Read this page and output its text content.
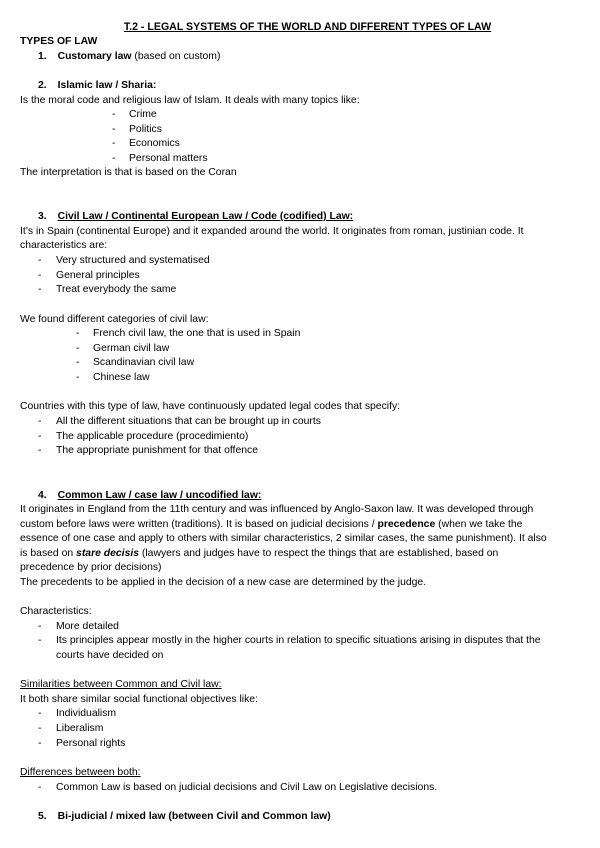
T.2 - LEGAL SYSTEMS OF THE WORLD AND DIFFERENT TYPES OF LAW
TYPES OF LAW
1. Customary law (based on custom)
2. Islamic law / Sharia:
Is the moral code and religious law of Islam. It deals with many topics like:
- Crime
- Politics
- Economics
- Personal matters
The interpretation is that is based on the Coran
3. Civil Law / Continental European Law / Code (codified) Law:
It’s in Spain (continental Europe) and it expanded around the world. It originates from roman, justinian code. It
characteristics are:
- Very structured and systematised
- General principles
- Treat everybody the same
We found different categories of civil law:
- French civil law, the one that is used in Spain
- German civil law
- Scandinavian civil law
- Chinese law
Countries with this type of law, have continuously updated legal codes that specify:
- All the different situations that can be brought up in courts
- The applicable procedure (procedimiento)
- The appropriate punishment for that offence
4. Common Law / case law / uncodified law:
It originates in England from the 11th century and was influenced by Anglo-Saxon law. It was developed through
custom before laws were written (traditions). It is based on judicial decisions / precedence (when we take the
essence of one case and apply to others with similar characteristics, 2 similar cases, the same punishment). It also
is based on stare decisis (lawyers and judges have to respect the things that are established, based on
precedence by prior decisions)
The precedents to be applied in the decision of a new case are determined by the judge.
Characteristics:
- More detailed
- Its principles appear mostly in the higher courts in relation to specific situations arising in disputes that the
courts have decided on
Similarities between Common and Civil law:
It both share similar social functional objectives like:
- Individualism
- Liberalism
- Personal rights
Differences between both:
- Common Law is based on judicial decisions and Civil Law on Legislative decisions.
5. Bi-judicial / mixed law (between Civil and Common law)
